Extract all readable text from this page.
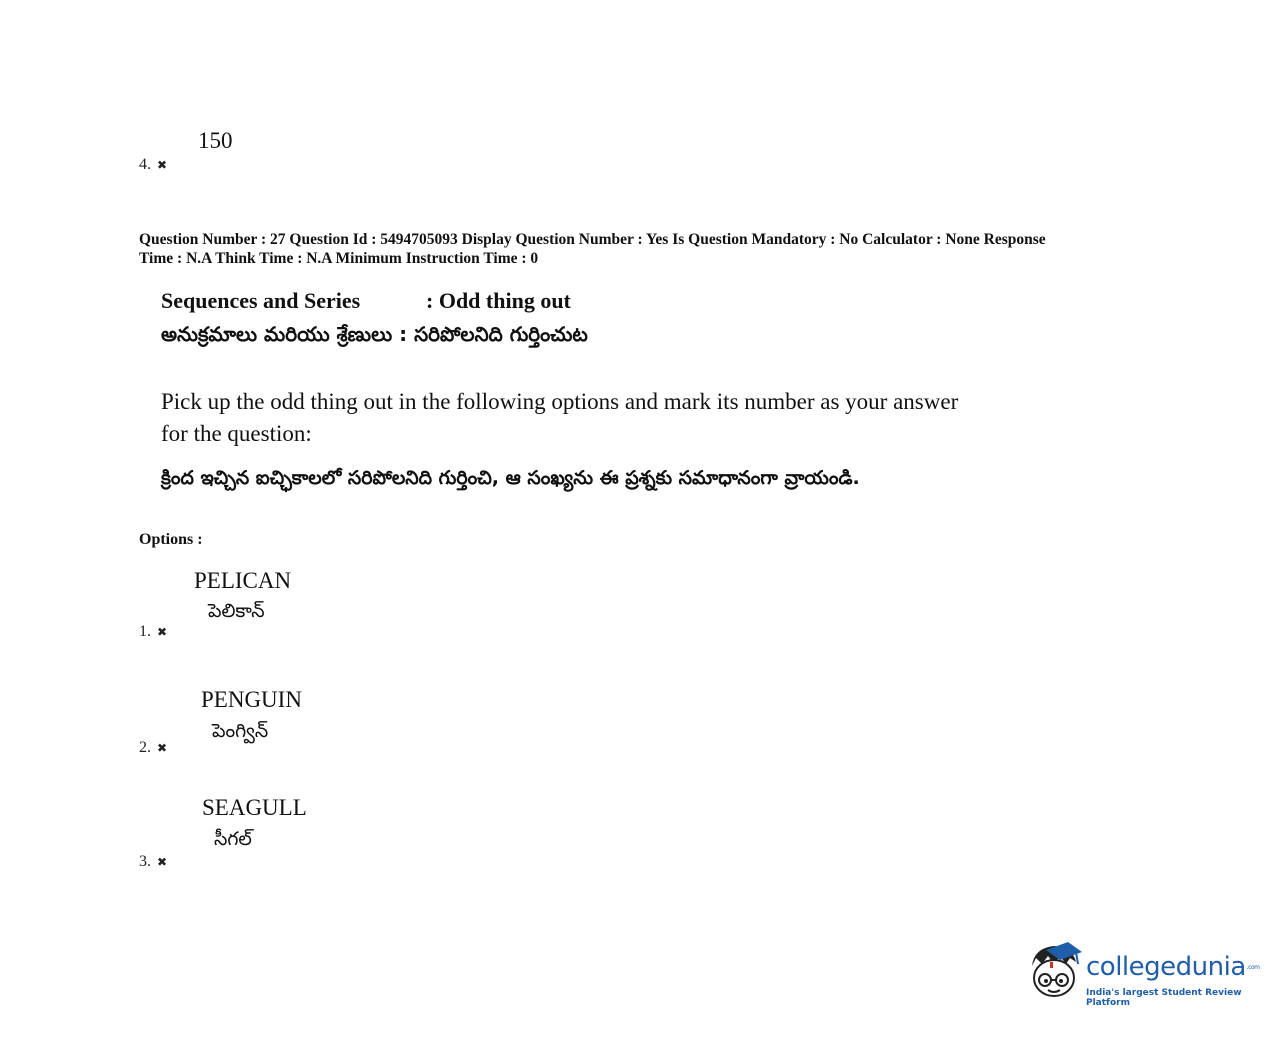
150
4. ✖
Question Number : 27 Question Id : 5494705093 Display Question Number : Yes Is Question Mandatory : No Calculator : None Response
Time : N.A Think Time : N.A Minimum Instruction Time : 0
Sequences and Series	: Odd thing out
అనుక్రమాలు మరియు శ్రేణులు : సరిపోలనిది గుర్తించుట
Pick up the odd thing out in the following options and mark its number as your answer
for the question:
క్రింద ఇచ్చిన ఐచ్ఛికాలలో సరిపోలనిది గుర్తించి, ఆ సంఖ్యను ఈ ప్రశ్నకు సమాధానంగా వ్రాయండి.
Options :
PELICAN
పెలికాన్
1. ✖
PENGUIN
పెంగ్విన్
2. ✖
SEAGULL
సీగల్
3. ✖
collegedunia.com
India's largest Student Review Platform
